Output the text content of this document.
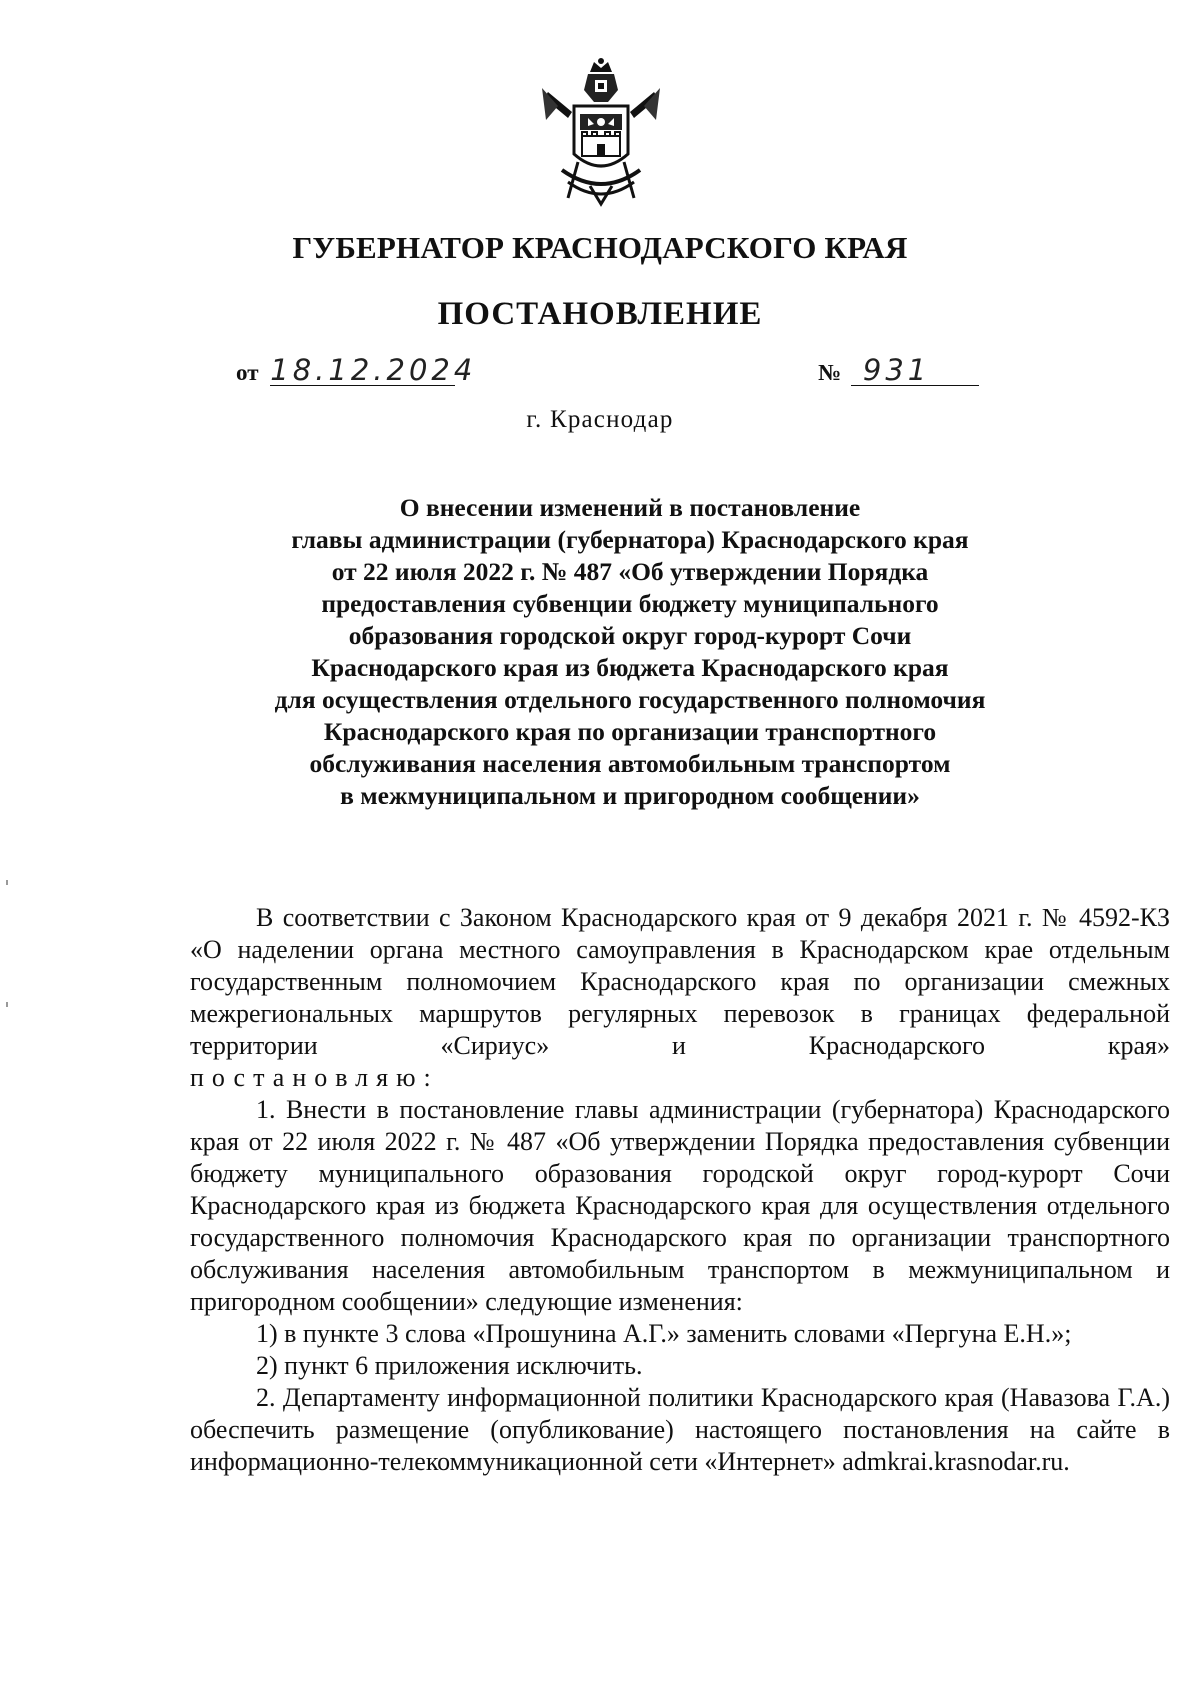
ГУБЕРНАТОР КРАСНОДАРСКОГО КРАЯ
ПОСТАНОВЛЕНИЕ
от 18.12.2024	№ 931
г. Краснодар
О внесении изменений в постановление
главы администрации (губернатора) Краснодарского края
от 22 июля 2022 г. № 487 «Об утверждении Порядка
предоставления субвенции бюджету муниципального
образования городской округ город-курорт Сочи
Краснодарского края из бюджета Краснодарского края
для осуществления отдельного государственного полномочия
Краснодарского края по организации транспортного
обслуживания населения автомобильным транспортом
в межмуниципальном и пригородном сообщении»

В соответствии с Законом Краснодарского края от 9 декабря 2021 г. № 4592-КЗ «О наделении органа местного самоуправления в Краснодарском крае отдельным государственным полномочием Краснодарского края по организации смежных межрегиональных маршрутов регулярных перевозок в границах федеральной территории «Сириус» и Краснодарского края»

постановляю:

1. Внести в постановление главы администрации (губернатора) Краснодарского края от 22 июля 2022 г. № 487 «Об утверждении Порядка предоставления субвенции бюджету муниципального образования городской округ город-курорт Сочи Краснодарского края из бюджета Краснодарского края для осуществления отдельного государственного полномочия Краснодарского края по организации транспортного обслуживания населения автомобильным транспортом в межмуниципальном и пригородном сообщении» следующие изменения:

1) в пункте 3 слова «Прошунина А.Г.» заменить словами «Пергуна Е.Н.»;

2) пункт 6 приложения исключить.

2. Департаменту информационной политики Краснодарского края (Навазова Г.А.) обеспечить размещение (опубликование) настоящего постановления на сайте в информационно-телекоммуникационной сети «Интернет» admkrai.krasnodar.ru.
